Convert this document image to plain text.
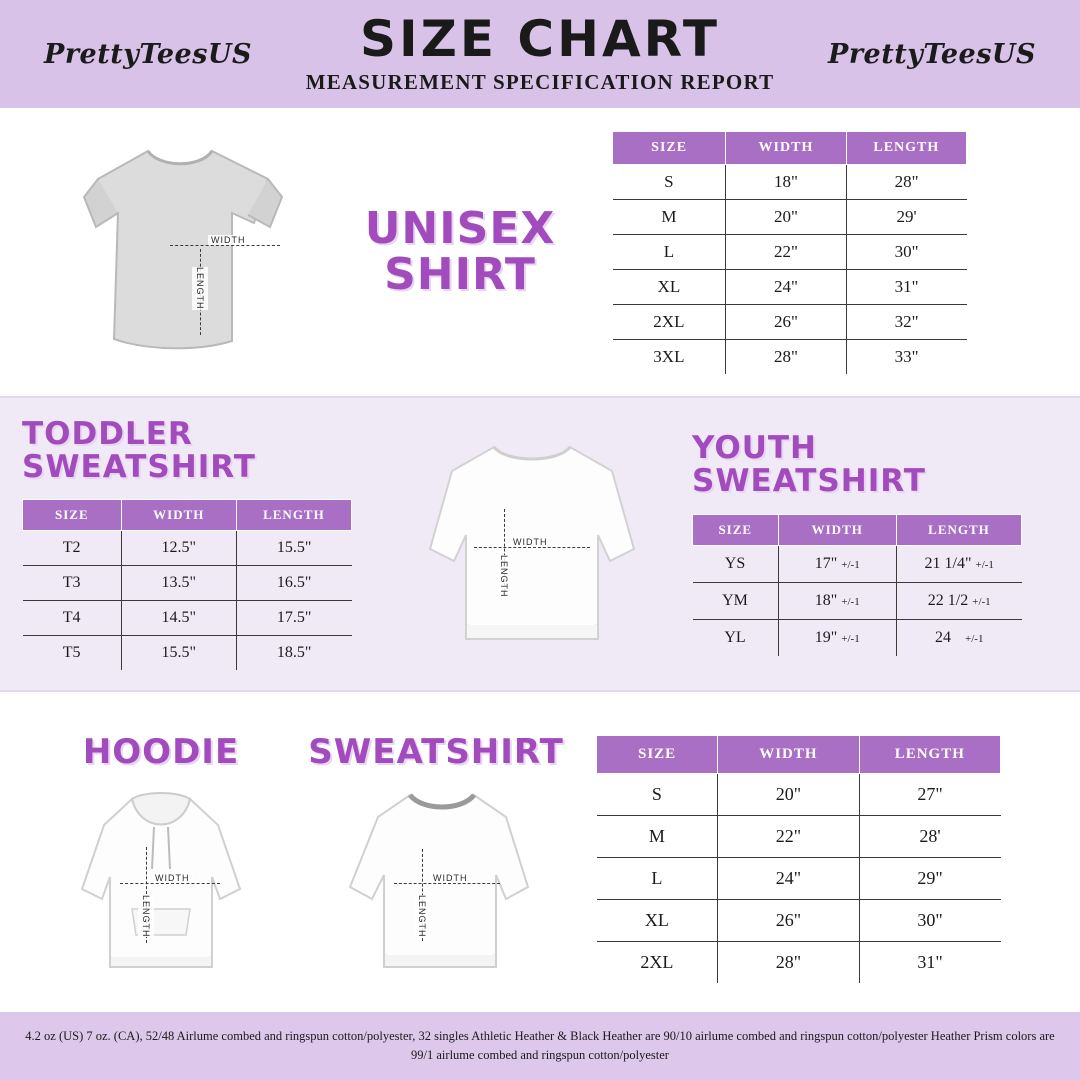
PrettyTeesUS	SIZE CHART
MEASUREMENT SPECIFICATION REPORT
PrettyTeesUS
WIDTH
LENGTH
UNISEX SHIRT
SIZE	WIDTH	LENGTH
S	18"	28"
M	20"	29'
L	22"	30"
XL	24"	31"
2XL	26"	32"
3XL	28"	33"
TODDLER SWEATSHIRT
SIZE	WIDTH	LENGTH
T2	12.5"	15.5"
T3	13.5"	16.5"
T4	14.5"	17.5"
T5	15.5"	18.5"
WIDTH
LENGTH
YOUTH SWEATSHIRT
SIZE	WIDTH	LENGTH
YS	17" +/-1	21 1/4" +/-1
YM	18" +/-1	22 1/2 +/-1
YL	19" +/-1	24 +/-1
HOODIE
WIDTH
LENGTH
SWEATSHIRT
WIDTH
LENGTH
SIZE	WIDTH	LENGTH
S	20"	27"
M	22"	28'
L	24"	29"
XL	26"	30"
2XL	28"	31"

4.2 oz (US) 7 oz. (CA), 52/48 Airlume combed and ringspun cotton/polyester, 32 singles Athletic Heather & Black Heather are 90/10 airlume combed and ringspun cotton/polyester Heather Prism colors are 99/1 airlume combed and ringspun cotton/polyester
